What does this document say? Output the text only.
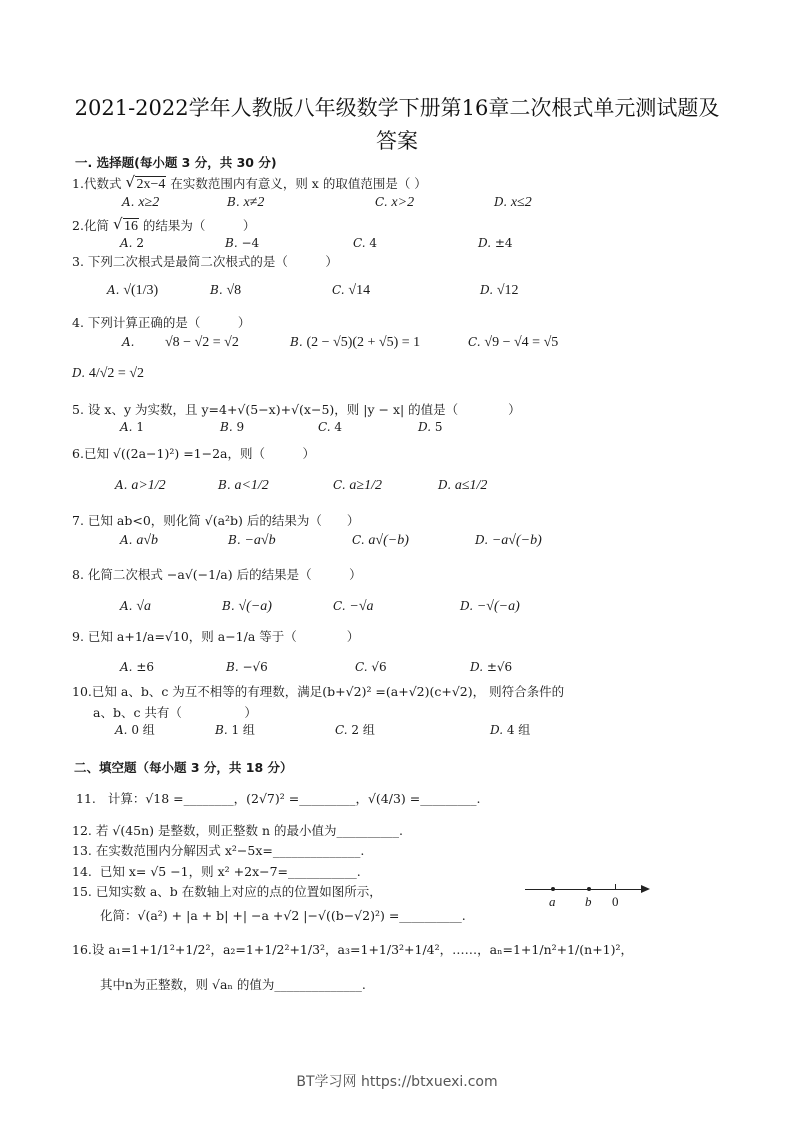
2021-2022学年人教版八年级数学下册第16章二次根式单元测试题及
答案
一. 选择题(每小题 3 分，共 30 分)
1.代数式 √ 2x−4 在实数范围内有意义，则 x 的取值范围是（ ）
A. x≥2	B. x≠2	C. x>2	D. x≤2
2.化简 √ 16 的结果为（　　　）
A. 2	B. −4	C. 4	D. ±4
3. 下列二次根式是最简二次根式的是（　　　）
A. √(1/3)	B. √8	C. √14	D. √12
4. 下列计算正确的是（　　　）
A. √8 − √2 = √2	B. (2 − √5)(2 + √5) = 1	C. √9 − √4 = √5
D. 4/√2 = √2
5. 设 x、y 为实数，且 y=4+√(5−x)+√(x−5)，则 |y − x| 的值是（　　　　）
A. 1	B. 9	C. 4	D. 5
6.已知 √((2a−1)²) =1−2a，则（　　　）
A. a>1/2	B. a<1/2	C. a≥1/2	D. a≤1/2
7. 已知 ab<0，则化简 √(a²b) 后的结果为（　　）
A. a√b	B. −a√b	C. a√(−b)	D. −a√(−b)
8. 化简二次根式 −a√(−1/a) 后的结果是（　　　）
A. √a	B. √(−a)	C. −√a	D. −√(−a)
9. 已知 a+1/a=√10，则 a−1/a 等于（　　　　）
A. ±6	B. −√6	C. √6	D. ±√6
10.已知 a、b、c 为互不相等的有理数，满足(b+√2)² =(a+√2)(c+√2)， 则符合条件的
a、b、c 共有（　　　　　）
A. 0 组	B. 1 组	C. 2 组	D. 4 组
二、填空题（每小题 3 分，共 18 分）
11. 计算：√18 =________，(2√7)² =_________，√(4/3) =_________.
12. 若 √(45n) 是整数，则正整数 n 的最小值为__________.
13. 在实数范围内分解因式 x²−5x=______________.
14. 已知 x= √5 −1，则 x² +2x−7=___________.
15. 已知实数 a、b 在数轴上对应的点的位置如图所示，
化简：√(a²) + |a + b| +| −a +√2 |−√((b−√2)²) =__________.
a b 0
16.设 a₁=1+1/1²+1/2²，a₂=1+1/2²+1/3²，a₃=1+1/3²+1/4²，……，aₙ=1+1/n²+1/(n+1)²，
其中n为正整数，则 √aₙ 的值为______________.
BT学习网 https://btxuexi.com
